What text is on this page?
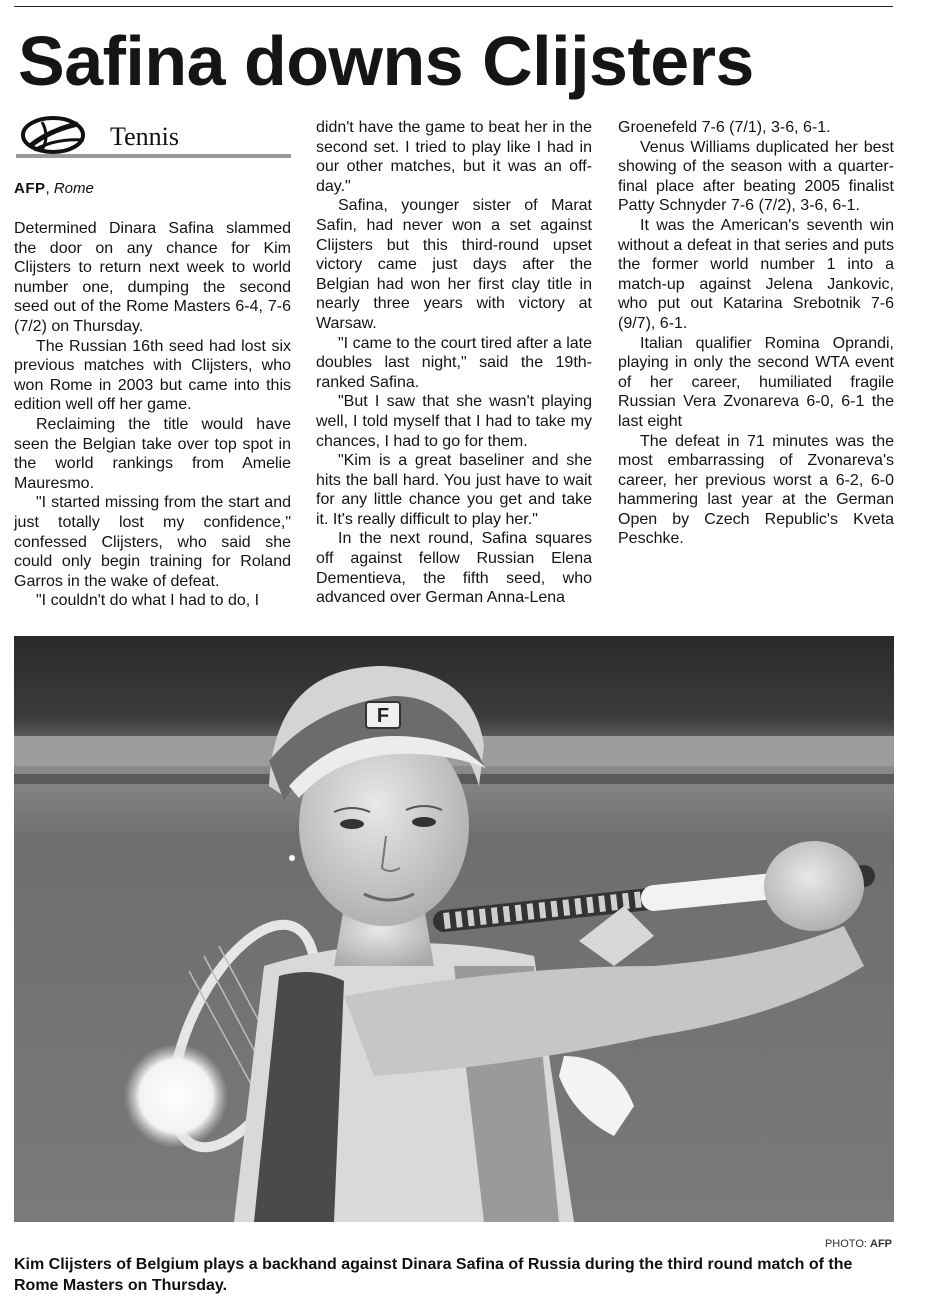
Safina downs Clijsters
Tennis
AFP, Rome

Determined Dinara Safina slammed the door on any chance for Kim Clijsters to return next week to world number one, dumping the second seed out of the Rome Masters 6-4, 7-6 (7/2) on Thursday.

The Russian 16th seed had lost six previous matches with Clijsters, who won Rome in 2003 but came into this edition well off her game.

Reclaiming the title would have seen the Belgian take over top spot in the world rankings from Amelie Mauresmo.

"I started missing from the start and just totally lost my confidence," confessed Clijsters, who said she could only begin training for Roland Garros in the wake of defeat.

"I couldn't do what I had to do, I

didn't have the game to beat her in the second set. I tried to play like I had in our other matches, but it was an off-day."

Safina, younger sister of Marat Safin, had never won a set against Clijsters but this third-round upset victory came just days after the Belgian had won her first clay title in nearly three years with victory at Warsaw.

"I came to the court tired after a late doubles last night," said the 19th-ranked Safina.

"But I saw that she wasn't playing well, I told myself that I had to take my chances, I had to go for them.

"Kim is a great baseliner and she hits the ball hard. You just have to wait for any little chance you get and take it. It's really difficult to play her."

In the next round, Safina squares off against fellow Russian Elena Dementieva, the fifth seed, who advanced over German Anna-Lena

Groenefeld 7-6 (7/1), 3-6, 6-1.

Venus Williams duplicated her best showing of the season with a quarter-final place after beating 2005 finalist Patty Schnyder 7-6 (7/2), 3-6, 6-1.

It was the American's seventh win without a defeat in that series and puts the former world number 1 into a match-up against Jelena Jankovic, who put out Katarina Srebotnik 7-6 (9/7), 6-1.

Italian qualifier Romina Oprandi, playing in only the second WTA event of her career, humiliated fragile Russian Vera Zvonareva 6-0, 6-1 the last eight

The defeat in 71 minutes was the most embarrassing of Zvonareva's career, her previous worst a 6-2, 6-0 hammering last year at the German Open by Czech Republic's Kveta Peschke.

F
PHOTO: AFP
Kim Clijsters of Belgium plays a backhand against Dinara Safina of Russia during the third round match of the Rome Masters on Thursday.
